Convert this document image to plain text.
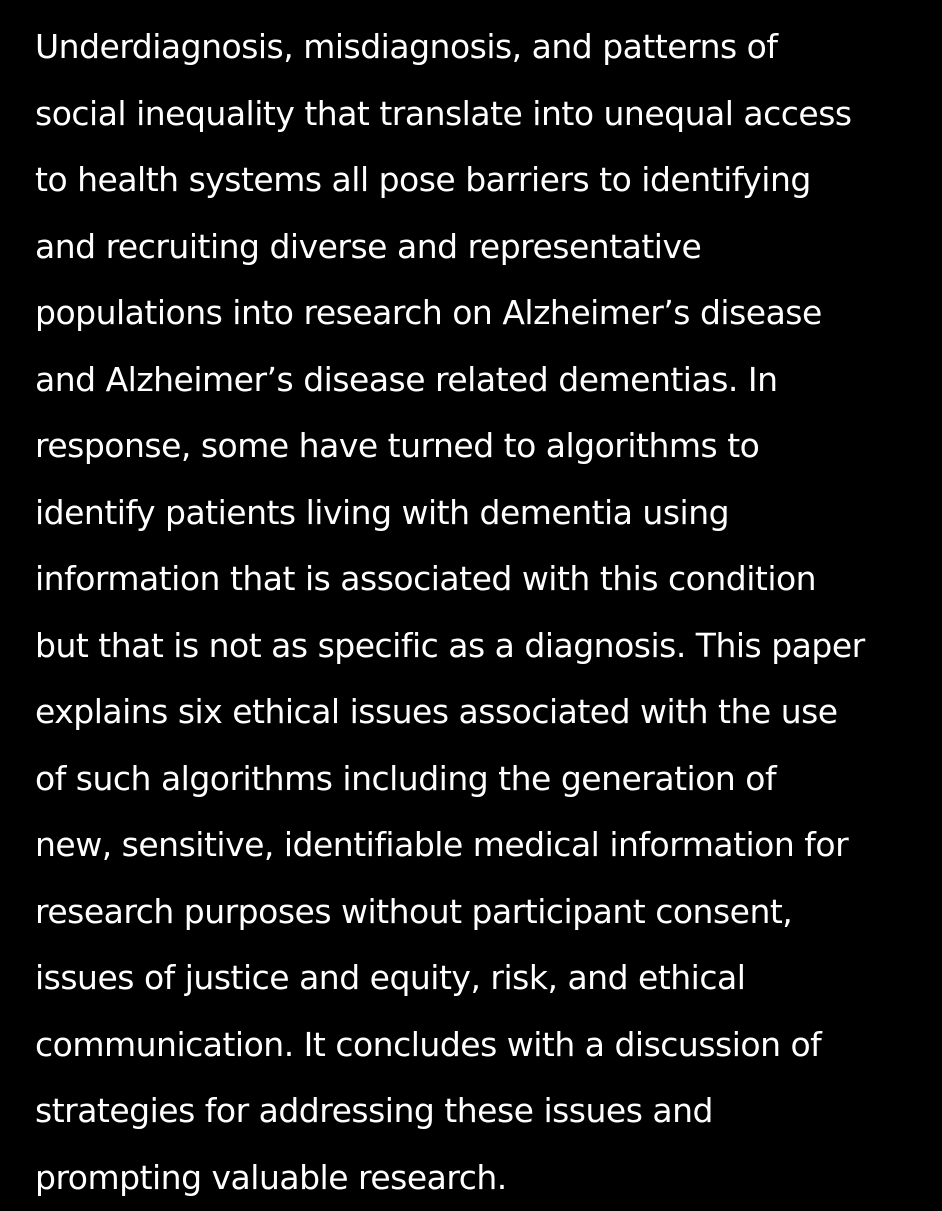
Underdiagnosis, misdiagnosis, and patterns of
social inequality that translate into unequal access
to health systems all pose barriers to identifying
and recruiting diverse and representative
populations into research on Alzheimer’s disease
and Alzheimer’s disease related dementias. In
response, some have turned to algorithms to
identify patients living with dementia using
information that is associated with this condition
but that is not as specific as a diagnosis. This paper
explains six ethical issues associated with the use
of such algorithms including the generation of
new, sensitive, identifiable medical information for
research purposes without participant consent,
issues of justice and equity, risk, and ethical
communication. It concludes with a discussion of
strategies for addressing these issues and
prompting valuable research.
